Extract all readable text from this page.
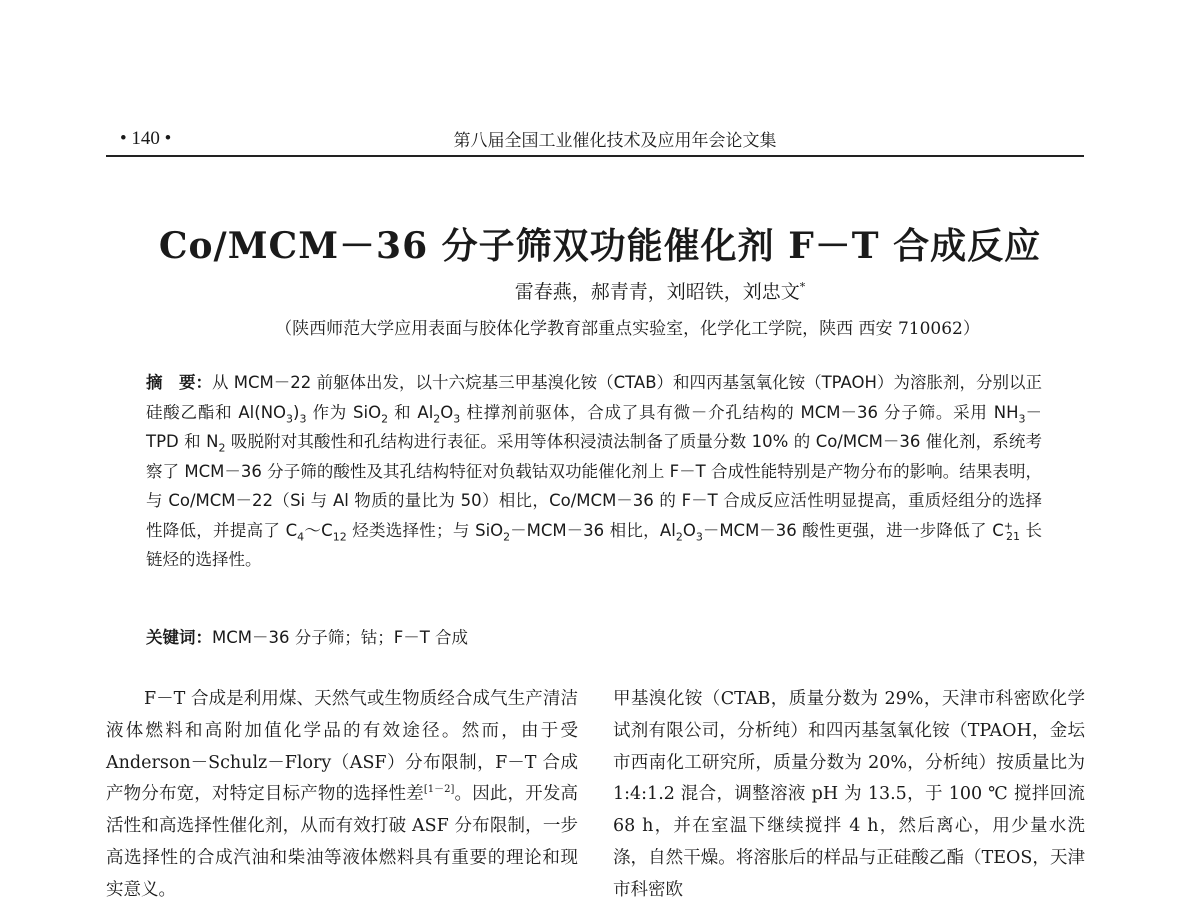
• 140 •	第八届全国工业催化技术及应用年会论文集
Co/MCM－36 分子筛双功能催化剂 F－T 合成反应
雷春燕，郝青青，刘昭铁，刘忠文*
（陕西师范大学应用表面与胶体化学教育部重点实验室，化学化工学院，陕西 西安 710062）
摘　要：从 MCM－22 前躯体出发，以十六烷基三甲基溴化铵（CTAB）和四丙基氢氧化铵（TPAOH）为溶胀剂，分别以正硅酸乙酯和 $Al(NO_3)_3$ 作为 SiO$_2$ 和 $Al_2O_3$ 柱撑剂前驱体，合成了具有微－介孔结构的 MCM－36 分子筛。采用 $NH_3-TPD$ 和 $N_2$ 吸脱附对其酸性和孔结构进行表征。采用等体积浸渍法制备了质量分数 10% 的 Co/MCM－36 催化剂，系统考察了 MCM－36 分子筛的酸性及其孔结构特征对负载钴双功能催化剂上 F－T 合成性能特别是产物分布的影响。结果表明，与 Co/MCM－22（Si 与 Al 物质的量比为 50）相比，Co/MCM－36 的 F－T 合成反应活性明显提高，重质烃组分的选择性降低，并提高了 $C_4\sim C_{12}$ 烃类选择性；与 SiO$_2$－MCM－36 相比，$Al_2O_3-MCM-36$ 酸性更强，进一步降低了 $C^+_{21}$ 长链烃的选择性。
关键词：MCM－36 分子筛；钴；F－T 合成
F－T 合成是利用煤、天然气或生物质经合成气生产清洁液体燃料和高附加值化学品的有效途径。然而，由于受 Anderson－Schulz－Flory（ASF）分布限制，F－T 合成产物分布宽，对特定目标产物的选择性差[1－2]。因此，开发高活性和高选择性催化剂，从而有效打破 ASF 分布限制，一步高选择性的合成汽油和柴油等液体燃料具有重要的理论和现实意义。
甲基溴化铵（CTAB，质量分数为 29%，天津市科密欧化学试剂有限公司，分析纯）和四丙基氢氧化铵（TPAOH，金坛市西南化工研究所，质量分数为 20%，分析纯）按质量比为 1:4:1.2 混合，调整溶液 pH 为 13.5，于 100 ℃ 搅拌回流 68 h，并在室温下继续搅拌 4 h，然后离心，用少量水洗涤，自然干燥。将溶胀后的样品与正硅酸乙酯（TEOS，天津市科密欧
